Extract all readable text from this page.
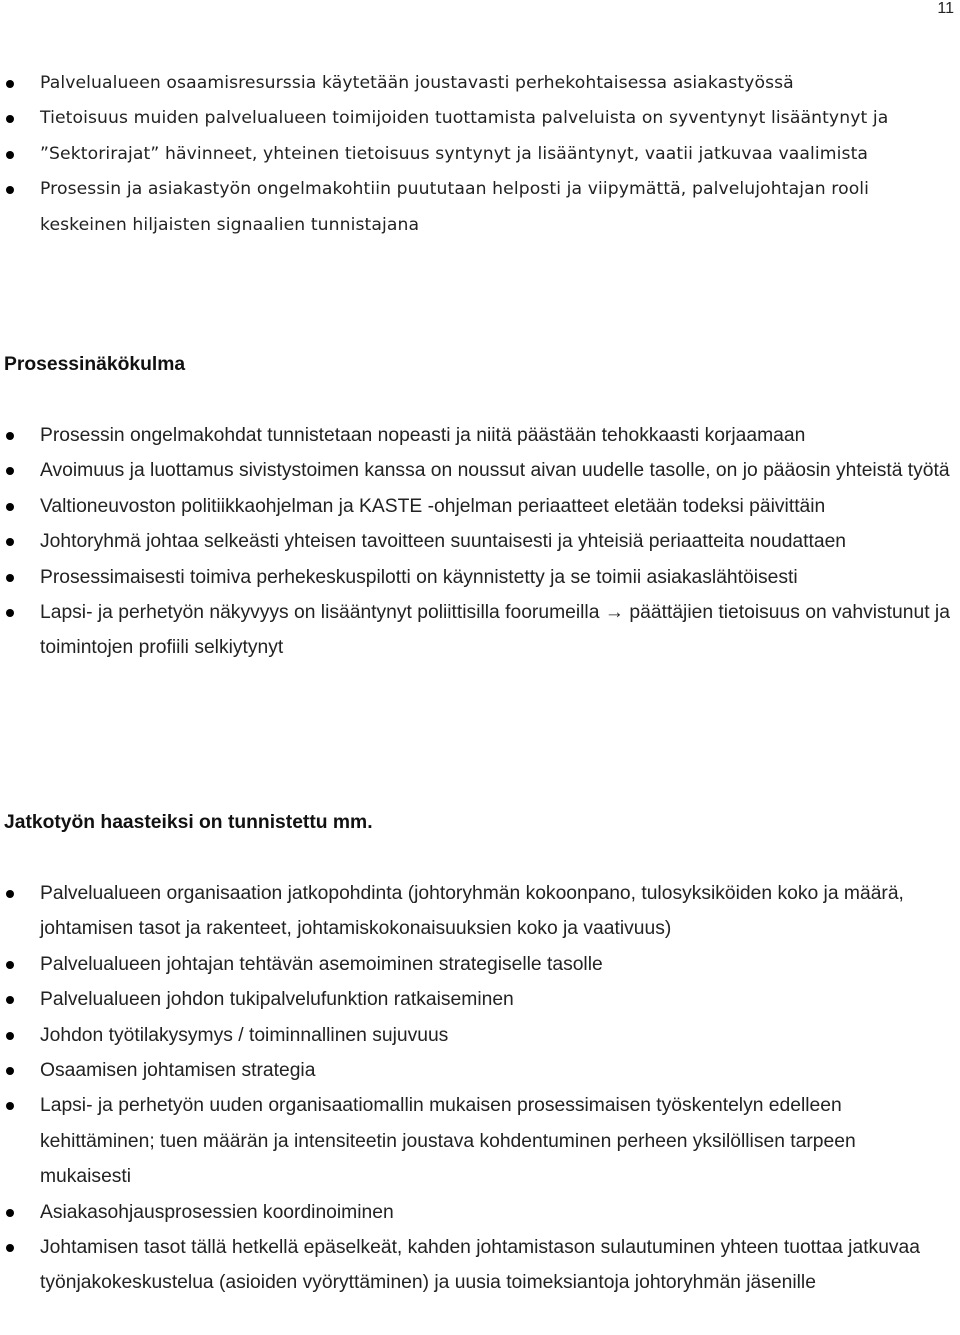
11
Palvelualueen osaamisresurssia käytetään joustavasti perhekohtaisessa asiakastyössä
Tietoisuus muiden palvelualueen toimijoiden tuottamista palveluista on syventynyt lisääntynyt ja
”Sektorirajat” hävinneet, yhteinen tietoisuus syntynyt ja lisääntynyt, vaatii jatkuvaa vaalimista
Prosessin ja asiakastyön ongelmakohtiin puututaan helposti ja viipymättä, palvelujohtajan rooli keskeinen hiljaisten signaalien tunnistajana
Prosessinäkökulma
Prosessin ongelmakohdat tunnistetaan nopeasti ja niitä päästään tehokkaasti korjaamaan
Avoimuus ja luottamus sivistystoimen kanssa on noussut aivan uudelle tasolle, on jo pääosin yhteistä työtä
Valtioneuvoston politiikkaohjelman ja KASTE -ohjelman periaatteet eletään todeksi päivittäin
Johtoryhmä johtaa selkeästi yhteisen tavoitteen suuntaisesti ja yhteisiä periaatteita noudattaen
Prosessimaisesti toimiva perhekeskuspilotti on käynnistetty ja se toimii asiakaslähtöisesti
Lapsi- ja perhetyön näkyvyys on lisääntynyt poliittisilla foorumeilla → päättäjien tietoisuus on vahvistunut ja toimintojen profiili selkiytynyt
Jatkotyön haasteiksi on tunnistettu mm.
Palvelualueen organisaation jatkopohdinta (johtoryhmän kokoonpano, tulosyksiköiden koko ja määrä, johtamisen tasot ja rakenteet, johtamiskokonaisuuksien koko ja vaativuus)
Palvelualueen johtajan tehtävän asemoiminen strategiselle tasolle
Palvelualueen johdon tukipalvelufunktion ratkaiseminen
Johdon työtilakysymys / toiminnallinen sujuvuus
Osaamisen johtamisen strategia
Lapsi- ja perhetyön uuden organisaatiomallin mukaisen prosessimaisen työskentelyn edelleen kehittäminen; tuen määrän ja intensiteetin joustava kohdentuminen perheen yksilöllisen tarpeen mukaisesti
Asiakasohjausprosessien koordinoiminen
Johtamisen tasot tällä hetkellä epäselkeät, kahden johtamistason sulautuminen yhteen tuottaa jatkuvaa työnjakokeskustelua (asioiden vyöryttäminen) ja uusia toimeksiantoja johtoryhmän jäsenille
